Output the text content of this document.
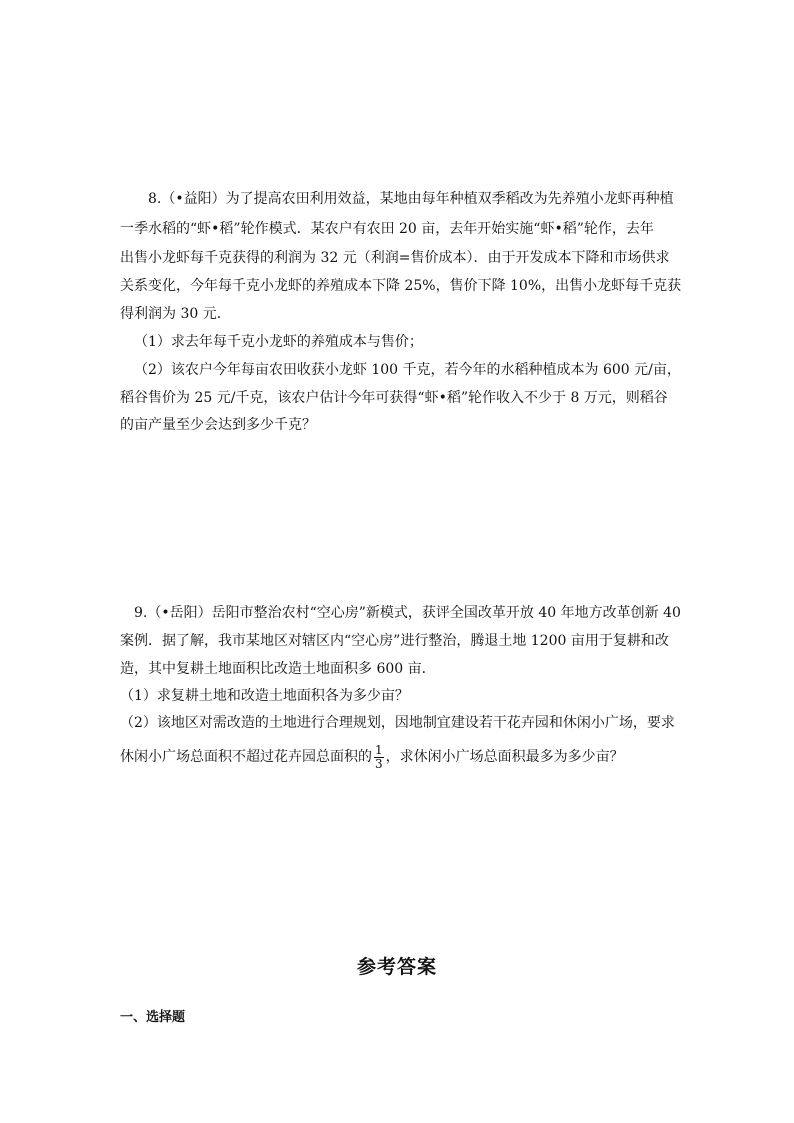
8.（•益阳）为了提高农田利用效益，某地由每年种植双季稻改为先养殖小龙虾再种植
一季水稻的“虾•稻”轮作模式．某农户有农田 20 亩，去年开始实施“虾•稻”轮作，去年
出售小龙虾每千克获得的利润为 32 元（利润=售价成本）．由于开发成本下降和市场供求
关系变化，今年每千克小龙虾的养殖成本下降 25%，售价下降 10%，出售小龙虾每千克获
得利润为 30 元．
（1）求去年每千克小龙虾的养殖成本与售价；
（2）该农户今年每亩农田收获小龙虾 100 千克，若今年的水稻种植成本为 600 元/亩，
稻谷售价为 25 元/千克，该农户估计今年可获得“虾•稻”轮作收入不少于 8 万元，则稻谷
的亩产量至少会达到多少千克？
9.（•岳阳）岳阳市整治农村“空心房”新模式，获评全国改革开放 40 年地方改革创新 40
案例．据了解，我市某地区对辖区内“空心房”进行整治，腾退土地 1200 亩用于复耕和改
造，其中复耕土地面积比改造土地面积多 600 亩．
（1）求复耕土地和改造土地面积各为多少亩？
（2）该地区对需改造的土地进行合理规划，因地制宜建设若干花卉园和休闲小广场，要求
休闲小广场总面积不超过花卉园总面积的 $\frac{1}{3}$ ，求休闲小广场总面积最多为多少亩？
参考答案
一、选择题
